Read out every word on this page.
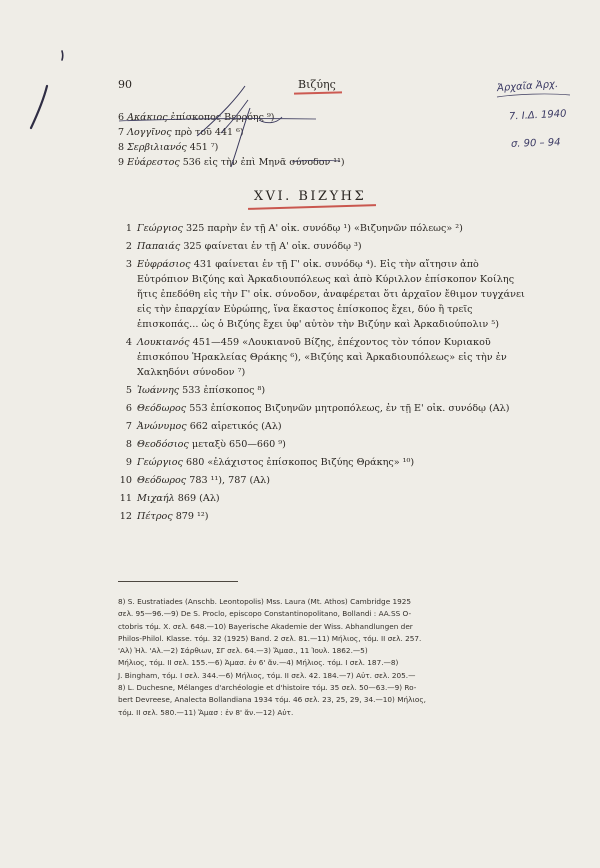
90	Βιζύης
6 Ακάκιος ἐπίσκοπος Βερρόης ⁹)
7 Λογγῖνος πρὸ τοῦ 441 ⁶)
8 Σερβιλιανός 451 ⁷)
9 Εὐάρεστος 536 εἰς τὴν ἐπὶ Μηνᾶ σύνοδον ¹¹)
Ἀρχαῖα Ἀρχ.
7. I.Δ. 1940
σ. 90 – 94
XVI. ΒΙΖΥΗΣ
1 Γεώργιος 325 παρὴν ἐν τῇ Α' οἰκ. συνόδῳ ¹) «Βιζυηνῶν πόλεως» ²)
2 Παπαιάς 325 φαίνεται ἐν τῇ Α' οἰκ. συνόδῳ ³)
3 Εὐφράσιος 431 φαίνεται ἐν τῇ Γ' οἰκ. συνόδῳ ⁴). Εἰς τὴν αἴτησιν ἀπὸ Εὐτρόπιον Βιζύης καὶ Ἀρκαδιουπόλεως καὶ ἀπὸ Κύριλλον ἐπίσκοπον Κοίλης ἥτις ἐπεδόθη εἰς τὴν Γ' οἰκ. σύνοδον, ἀναφέρεται ὅτι ἀρχαῖον ἔθιμον τυγχάνει εἰς τὴν ἐπαρχίαν Εὐρώπης, ἵνα ἕκαστος ἐπίσκοπος ἔχει, δύο ἢ τρεῖς ἐπισκοπάς... ὡς ὁ Βιζύης ἔχει ὑφ' αὐτὸν τὴν Βιζύην καὶ Ἀρκαδιούπολιν ⁵)
4 Λουκιανός 451—459 «Λουκιανοῦ Βίζης, ἐπέχοντος τὸν τόπον Κυριακοῦ ἐπισκόπου Ἡρακλείας Θράκης ⁶), «Βιζύης καὶ Ἀρκαδιουπόλεως» εἰς τὴν ἐν Χαλκηδόνι σύνοδον ⁷)
5 Ἰωάννης 533 ἐπίσκοπος ⁸)
6 Θεόδωρος 553 ἐπίσκοπος Βιζυηνῶν μητροπόλεως, ἐν τῇ Ε' οἰκ. συνόδῳ (Αλ)
7 Ἀνώνυμος 662 αἱρετικός (Αλ)
8 Θεοδόσιος μεταξὺ 650—660 ⁹)
9 Γεώργιος 680 «ἐλάχιστος ἐπίσκοπος Βιζύης Θράκης» ¹⁰)
10 Θεόδωρος 783 ¹¹), 787 (Αλ)
11 Μιχαήλ 869 (Αλ)
12 Πέτρος 879 ¹²)

8) S. Eustratiades (Anschb. Leontopolis) Mss. Laura (Mt. Athos) Cambridge 1925

σελ. 95—96.—9) De S. Proclo, episcopo Constantinopolitano, Bollandi : AA.SS O-

ctobris τόμ. X. σελ. 648.—10) Bayerische Akademie der Wiss. Abhandlungen der

Philos-Philol. Klasse. τόμ. 32 (1925) Band. 2 σελ. 81.—11) Μήλιος, τόμ. II σελ. 257.

'Αλ) Ἠλ. 'Αλ.—2) Σάρθιων, ΣΓ σελ. 64.—3) Ἄμασ., 11 Ἰουλ. 1862.—5)

Μήλιος, τόμ. II σελ. 155.—6) Ἀμασ. ἐν 6' ἄν.—4) Μήλιος. τόμ. I σελ. 187.—8)

J. Bingham, τόμ. I σελ. 344.—6) Μήλιος, τόμ. II σελ. 42. 184.—7) Αὐτ. σελ. 205.—

8) L. Duchesne, Mélanges d'archéologie et d'histoire τόμ. 35 σελ. 50—63.—9) Ro-

bert Devreese, Analecta Bollandiana 1934 τόμ. 46 σελ. 23, 25, 29, 34.—10) Μήλιος,

τόμ. II σελ. 580.—11) Ἄμασ : ἐν 8' ἄν.—12) Αὐτ.
